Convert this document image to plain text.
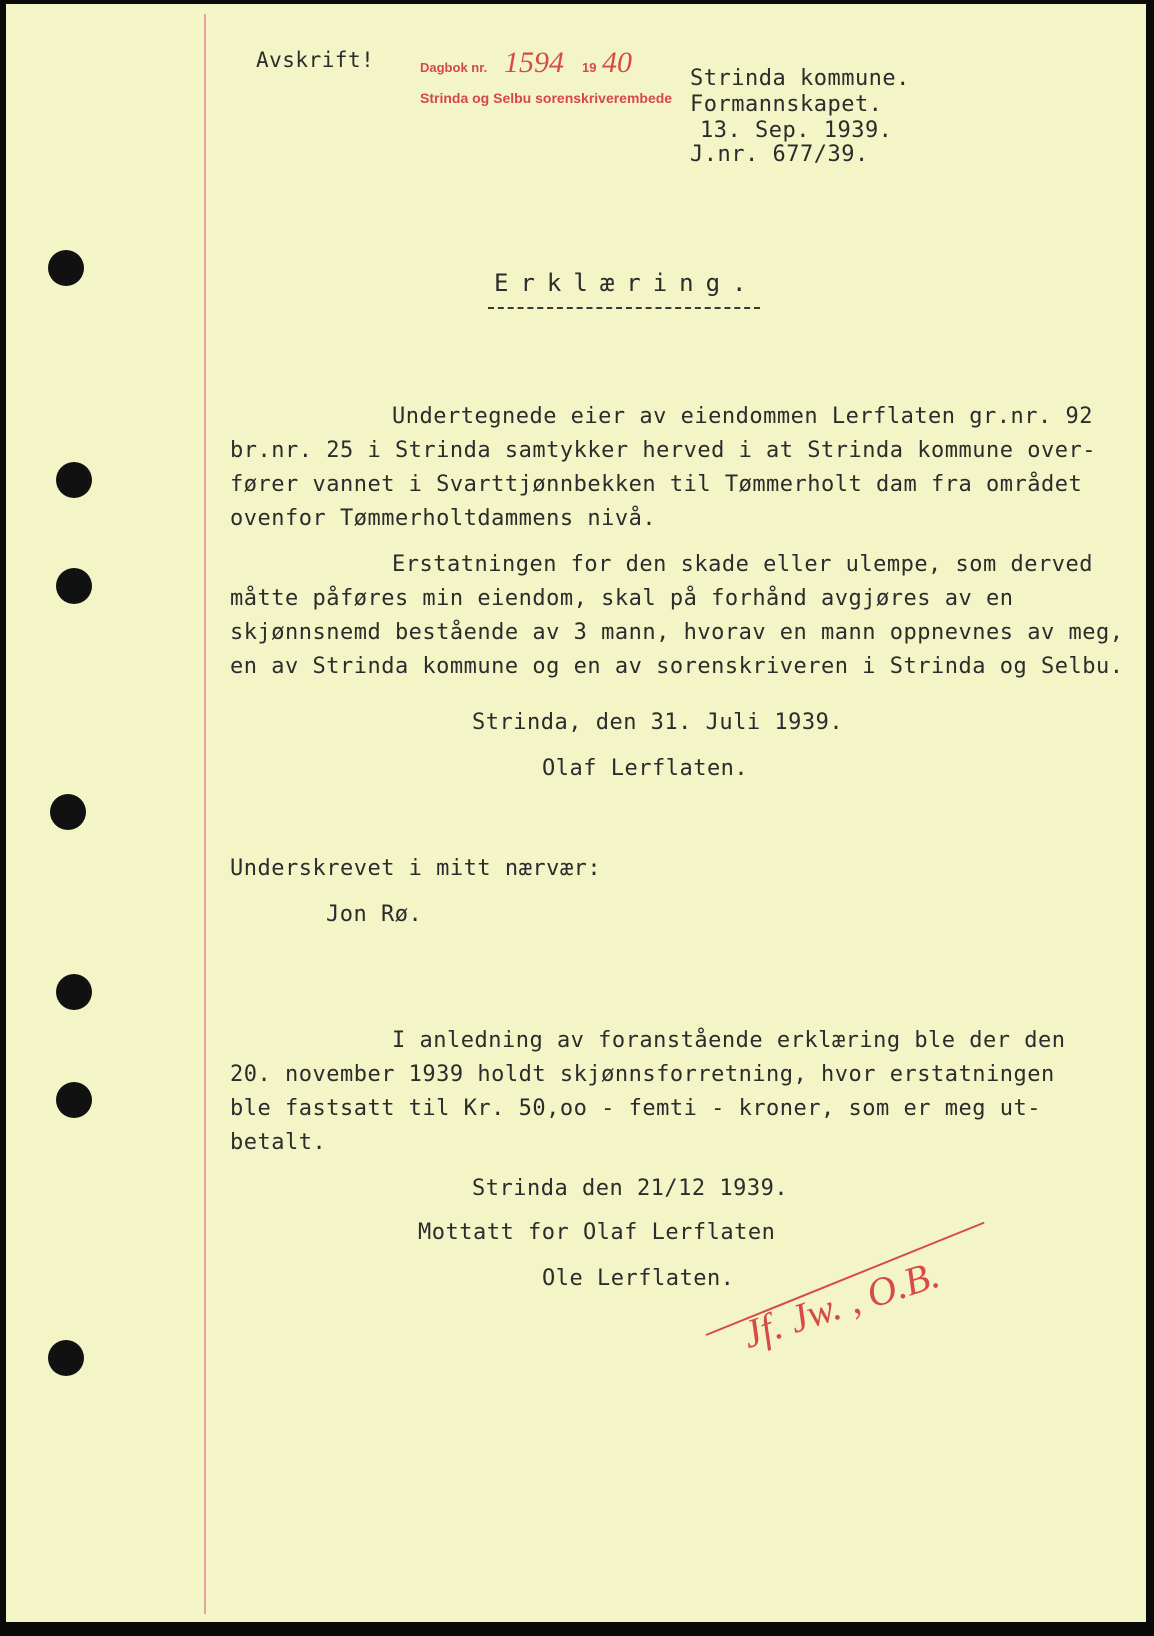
Avskrift!	Dagbok nr. 1594 19 40
Strinda og Selbu sorenskriverembede
Strinda kommune.
Formannskapet.
13. Sep. 1939.
J.nr. 677/39.
Erklæring.
Undertegnede eier av eiendommen Lerflaten gr.nr. 92
br.nr. 25 i Strinda samtykker herved i at Strinda kommune over-
fører vannet i Svarttjønnbekken til Tømmerholt dam fra området
ovenfor Tømmerholtdammens nivå.
Erstatningen for den skade eller ulempe, som derved
måtte påføres min eiendom, skal på forhånd avgjøres av en
skjønnsnemd bestående av 3 mann, hvorav en mann oppnevnes av meg,
en av Strinda kommune og en av sorenskriveren i Strinda og Selbu.
Strinda, den 31. Juli 1939.
Olaf Lerflaten.
Underskrevet i mitt nærvær:
Jon Rø.
I anledning av foranstående erklæring ble der den
20. november 1939 holdt skjønnsforretning, hvor erstatningen
ble fastsatt til Kr. 50,oo - femti - kroner, som er meg ut-
betalt.
Strinda den 21/12 1939.
Mottatt for Olaf Lerflaten
Ole Lerflaten. Jf. Jw. , O.B.
